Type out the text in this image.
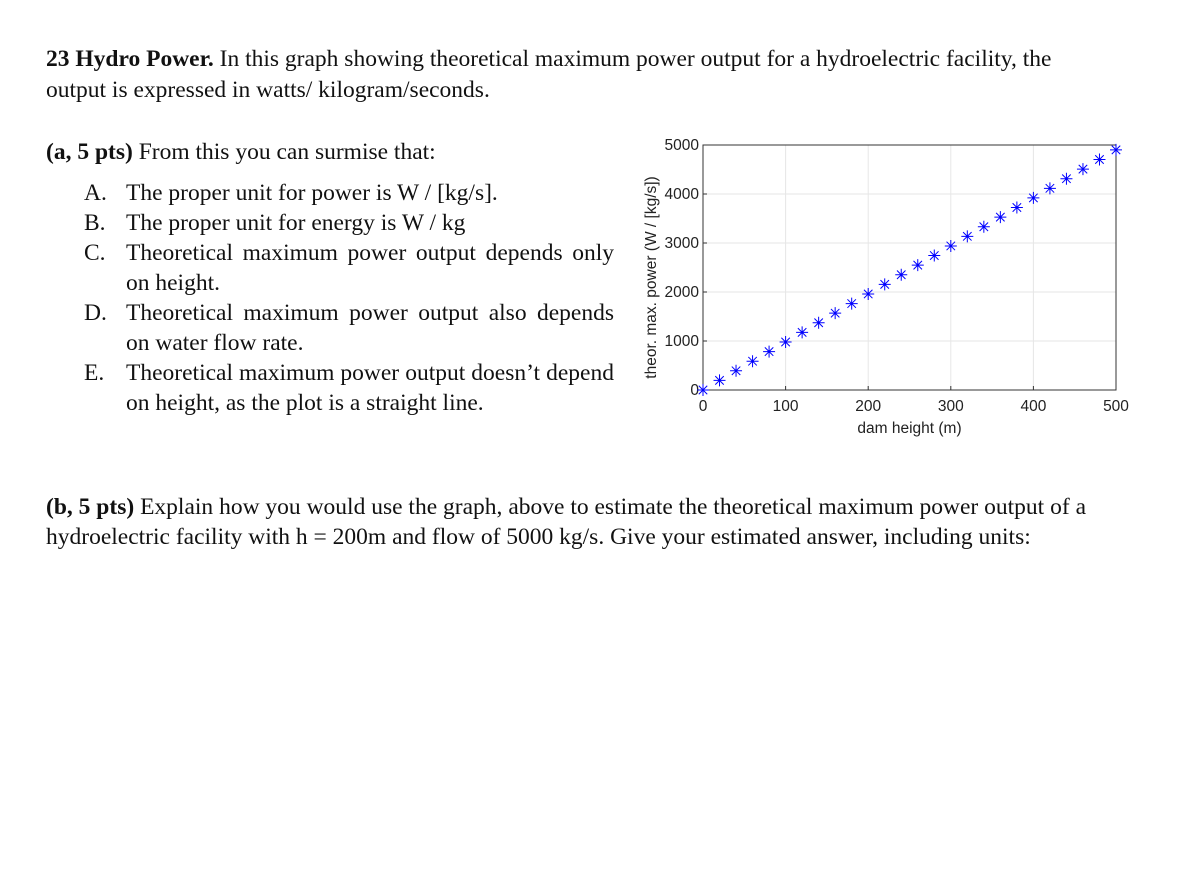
23 Hydro Power. In this graph showing theoretical maximum power output for a hydroelectric facility, the output is expressed in watts/ kilogram/seconds.
(a, 5 pts) From this you can surmise that:
A. The proper unit for power is W / [kg/s].
B. The proper unit for energy is W / kg
C. Theoretical maximum power output depends only on height.
D. Theoretical maximum power output also depends on water flow rate.
E. Theoretical maximum power output doesn’t depend on height, as the plot is a straight line.	0	100	200	300	400	500
0
1000
2000
3000
4000
5000
dam height (m)
theor. max. power (W / [kg/s])
(b, 5 pts) Explain how you would use the graph, above to estimate the theoretical maximum power output of a hydroelectric facility with h = 200m and flow of 5000 kg/s. Give your estimated answer, including units:
